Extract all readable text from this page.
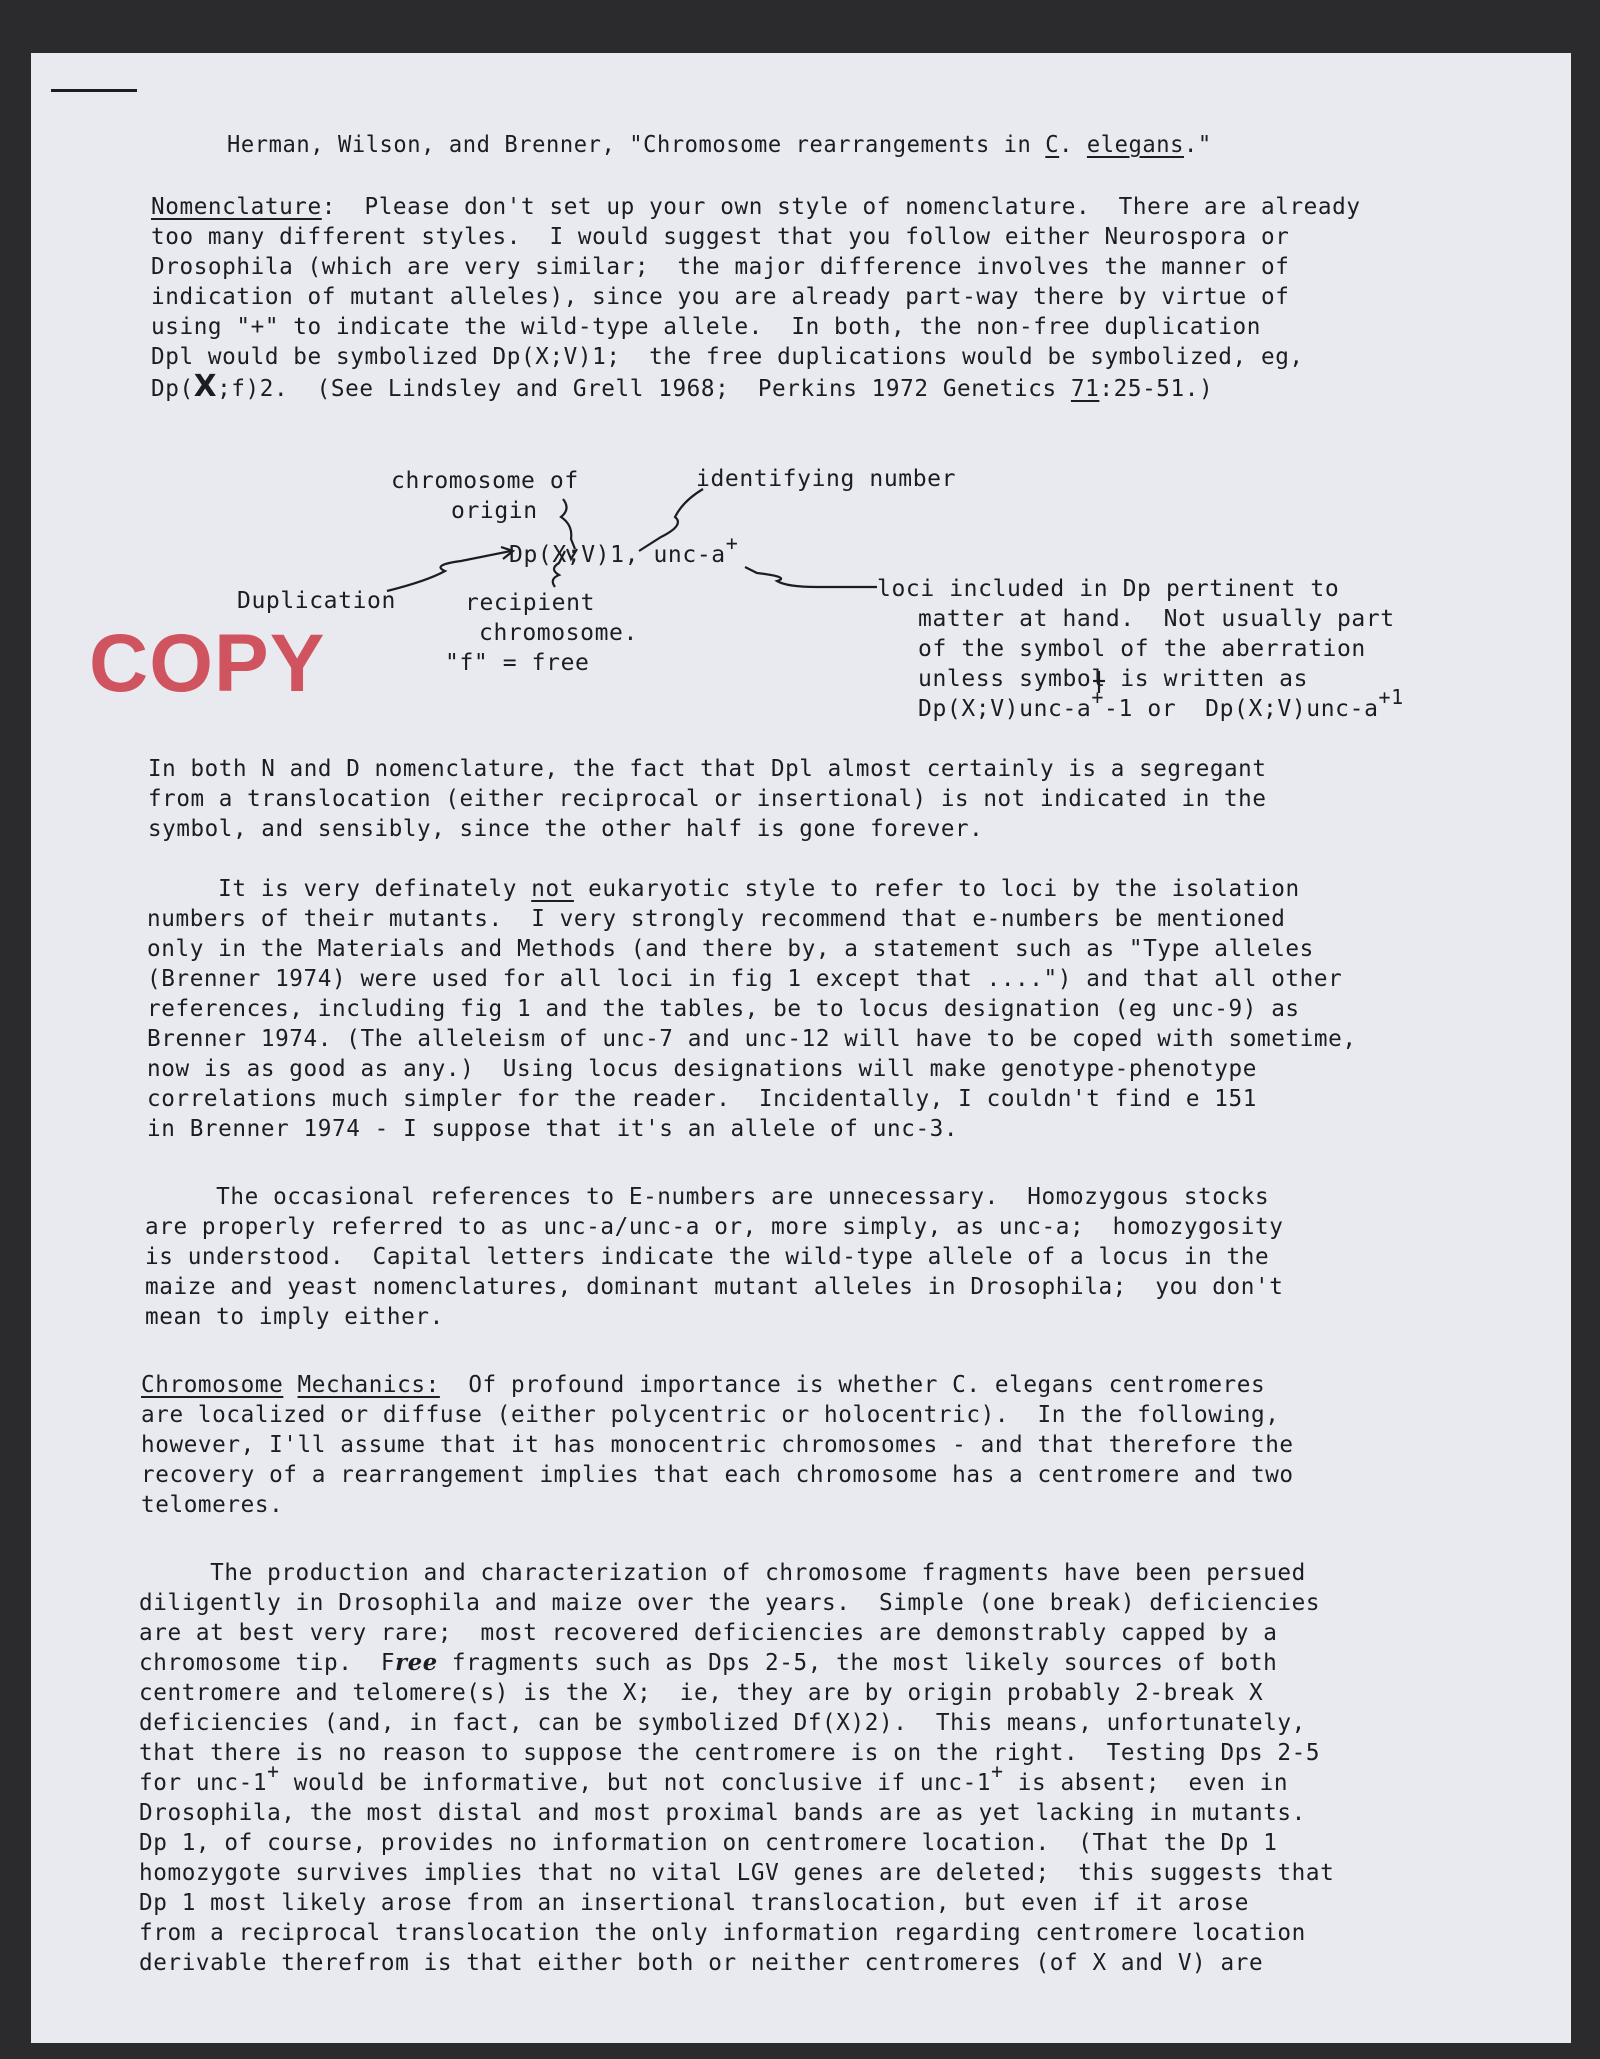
Herman, Wilson, and Brenner, "Chromosome rearrangements in C. elegans."
Nomenclature:  Please don't set up your own style of nomenclature.  There are already
too many different styles.  I would suggest that you follow either Neurospora or
Drosophila (which are very similar;  the major difference involves the manner of
indication of mutant alleles), since you are already part-way there by virtue of
using "+" to indicate the wild-type allele.  In both, the non-free duplication
Dpl would be symbolized Dp(X;V)1;  the free duplications would be symbolized, eg,
Dp(X;f)2.  (See Lindsley and Grell 1968;  Perkins 1972 Genetics 71:25-51.)
chromosome of
origin
identifying number
Dp(X;V)1, unc-a+
Duplication	recipient
chromosome.
"f" = free
loci included in Dp pertinent to
matter at hand.  Not usually part
of the symbol of the aberration
unless symbol is written as
Dp(X;V)unc-a+-1 or  Dp(X;V)unc-a+1
COPY
In both N and D nomenclature, the fact that Dpl almost certainly is a segregant
from a translocation (either reciprocal or insertional) is not indicated in the
symbol, and sensibly, since the other half is gone forever.
It is very definately not eukaryotic style to refer to loci by the isolation
numbers of their mutants.  I very strongly recommend that e-numbers be mentioned
only in the Materials and Methods (and there by, a statement such as "Type alleles
(Brenner 1974) were used for all loci in fig 1 except that ....") and that all other
references, including fig 1 and the tables, be to locus designation (eg unc-9) as
Brenner 1974. (The alleleism of unc-7 and unc-12 will have to be coped with sometime,
now is as good as any.)  Using locus designations will make genotype-phenotype
correlations much simpler for the reader.  Incidentally, I couldn't find e 151
in Brenner 1974 - I suppose that it's an allele of unc-3.
The occasional references to E-numbers are unnecessary.  Homozygous stocks
are properly referred to as unc-a/unc-a or, more simply, as unc-a;  homozygosity
is understood.  Capital letters indicate the wild-type allele of a locus in the
maize and yeast nomenclatures, dominant mutant alleles in Drosophila;  you don't
mean to imply either.
Chromosome Mechanics:  Of profound importance is whether C. elegans centromeres
are localized or diffuse (either polycentric or holocentric).  In the following,
however, I'll assume that it has monocentric chromosomes - and that therefore the
recovery of a rearrangement implies that each chromosome has a centromere and two
telomeres.
The production and characterization of chromosome fragments have been persued
diligently in Drosophila and maize over the years.  Simple (one break) deficiencies
are at best very rare;  most recovered deficiencies are demonstrably capped by a
chromosome tip.  Free fragments such as Dps 2-5, the most likely sources of both
centromere and telomere(s) is the X;  ie, they are by origin probably 2-break X
deficiencies (and, in fact, can be symbolized Df(X)2).  This means, unfortunately,
that there is no reason to suppose the centromere is on the right.  Testing Dps 2-5
for unc-1+ would be informative, but not conclusive if unc-1+ is absent;  even in
Drosophila, the most distal and most proximal bands are as yet lacking in mutants.
Dp 1, of course, provides no information on centromere location.  (That the Dp 1
homozygote survives implies that no vital LGV genes are deleted;  this suggests that
Dp 1 most likely arose from an insertional translocation, but even if it arose
from a reciprocal translocation the only information regarding centromere location
derivable therefrom is that either both or neither centromeres (of X and V) are
